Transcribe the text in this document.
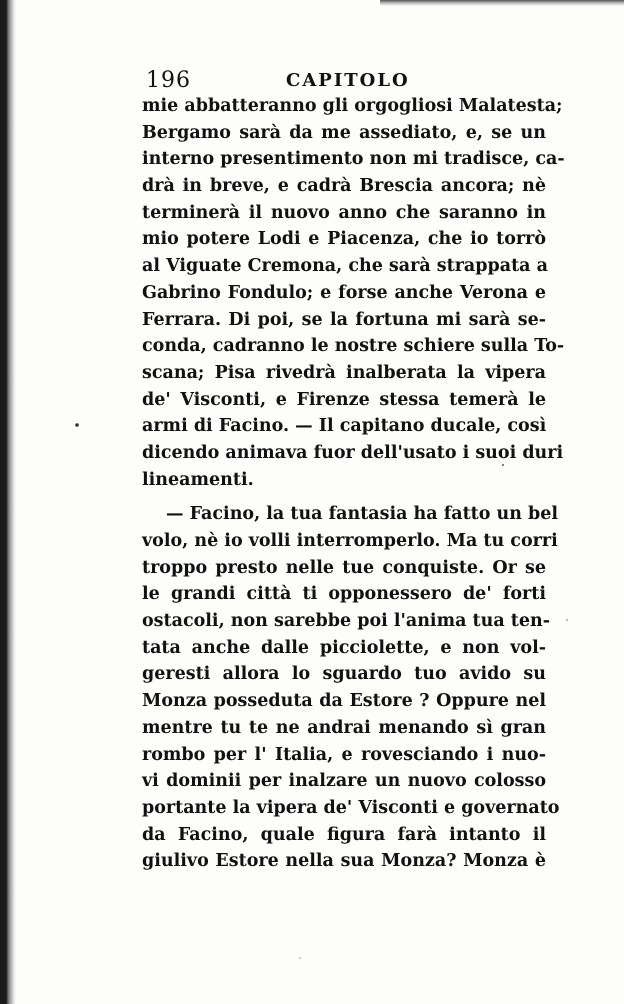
196	CAPITOLO
mie abbatteranno gli orgogliosi Malatesta;
Bergamo sarà da me assediato, e, se un
interno presentimento non mi tradisce, ca-
drà in breve, e cadrà Brescia ancora; nè
terminerà il nuovo anno che saranno in
mio potere Lodi e Piacenza, che io torrò
al Viguate Cremona, che sarà strappata a
Gabrino Fondulo; e forse anche Verona e
Ferrara. Di poi, se la fortuna mi sarà se-
conda, cadranno le nostre schiere sulla To-
scana; Pisa rivedrà inalberata la vipera
de' Visconti, e Firenze stessa temerà le
armi di Facino. — Il capitano ducale, così
dicendo animava fuor dell'usato i suoi duri
lineamenti.
— Facino, la tua fantasia ha fatto un bel
volo, nè io volli interromperlo. Ma tu corri
troppo presto nelle tue conquiste. Or se
le grandi città ti opponessero de' forti
ostacoli, non sarebbe poi l'anima tua ten-
tata anche dalle picciolette, e non vol-
geresti allora lo sguardo tuo avido su
Monza posseduta da Estore ? Oppure nel
mentre tu te ne andrai menando sì gran
rombo per l' Italia, e rovesciando i nuo-
vi dominii per inalzare un nuovo colosso
portante la vipera de' Visconti e governato
da Facino, quale figura farà intanto il
giulivo Estore nella sua Monza? Monza è
